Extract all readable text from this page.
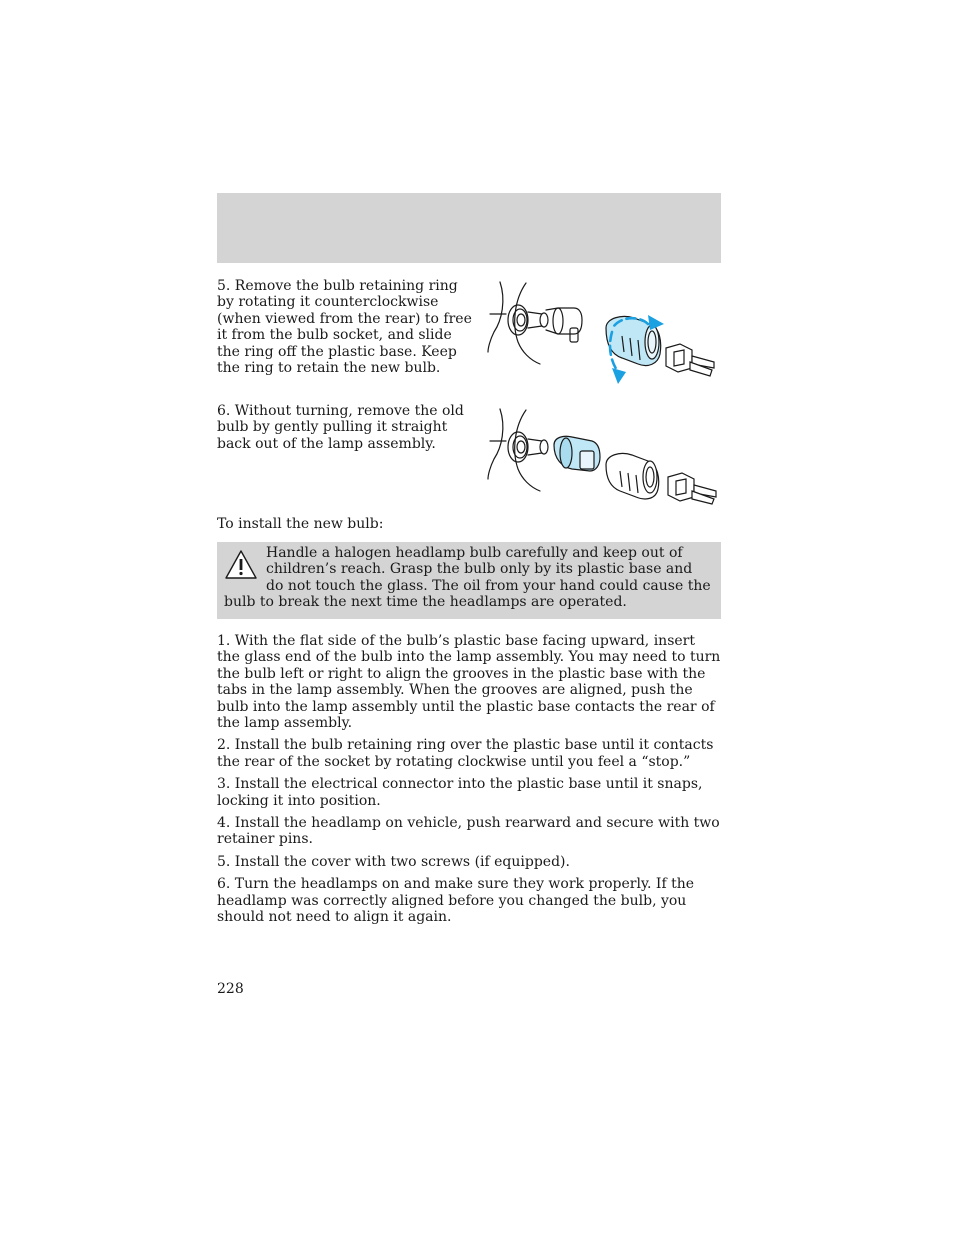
5. Remove the bulb retaining ring by rotating it counterclockwise (when viewed from the rear) to free it from the bulb socket, and slide the ring off the plastic base. Keep the ring to retain the new bulb.

6. Without turning, remove the old bulb by gently pulling it straight back out of the lamp assembly.

To install the new bulb:

Handle a halogen headlamp bulb carefully and keep out of children’s reach. Grasp the bulb only by its plastic base and do not touch the glass. The oil from your hand could cause the bulb to break the next time the headlamps are operated.

1. With the flat side of the bulb’s plastic base facing upward, insert the glass end of the bulb into the lamp assembly. You may need to turn the bulb left or right to align the grooves in the plastic base with the tabs in the lamp assembly. When the grooves are aligned, push the bulb into the lamp assembly until the plastic base contacts the rear of the lamp assembly.

2. Install the bulb retaining ring over the plastic base until it contacts the rear of the socket by rotating clockwise until you feel a “stop.”

3. Install the electrical connector into the plastic base until it snaps, locking it into position.

4. Install the headlamp on vehicle, push rearward and secure with two retainer pins.

5. Install the cover with two screws (if equipped).

6. Turn the headlamps on and make sure they work properly. If the headlamp was correctly aligned before you changed the bulb, you should not need to align it again.

228
